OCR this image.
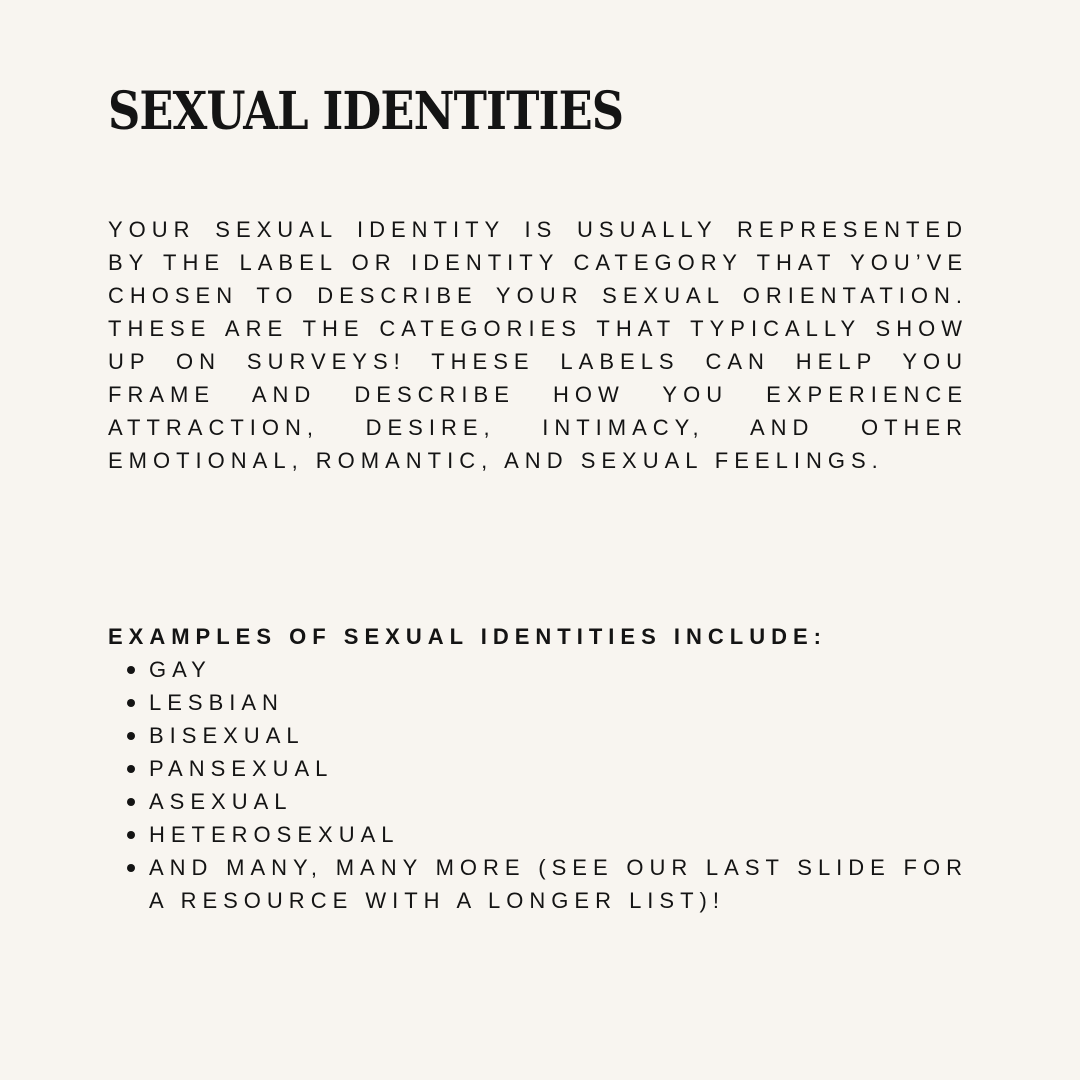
SEXUAL IDENTITIES

YOUR SEXUAL IDENTITY IS USUALLY REPRESENTED BY THE LABEL OR IDENTITY CATEGORY THAT YOU’VE CHOSEN TO DESCRIBE YOUR SEXUAL ORIENTATION. THESE ARE THE CATEGORIES THAT TYPICALLY SHOW UP ON SURVEYS! THESE LABELS CAN HELP YOU FRAME AND DESCRIBE HOW YOU EXPERIENCE ATTRACTION, DESIRE, INTIMACY, AND OTHER EMOTIONAL, ROMANTIC, AND SEXUAL FEELINGS.

EXAMPLES OF SEXUAL IDENTITIES INCLUDE:

GAY
LESBIAN
BISEXUAL
PANSEXUAL
ASEXUAL
HETEROSEXUAL
AND MANY, MANY MORE (SEE OUR LAST SLIDE FOR A RESOURCE WITH A LONGER LIST)!
